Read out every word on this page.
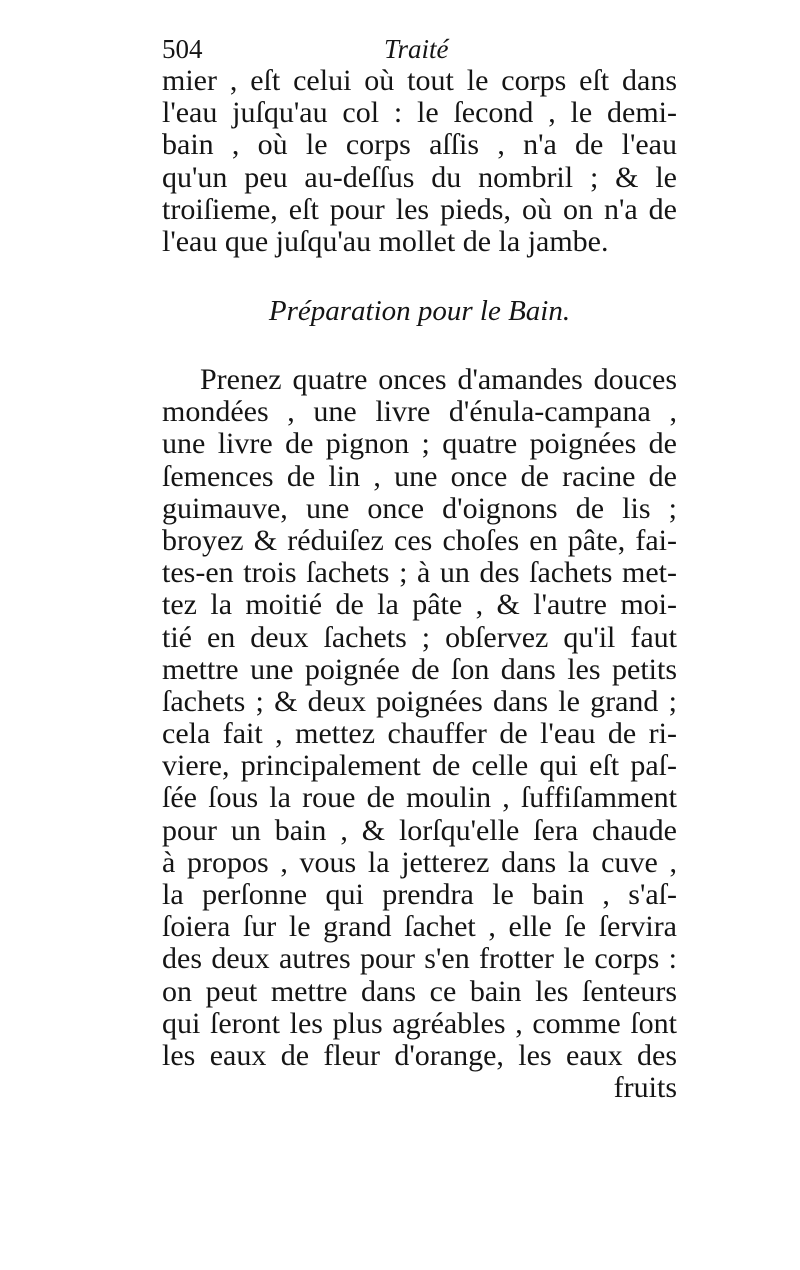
504	Traité
mier , eſt celui où tout le corps eſt dans
l'eau juſqu'au col : le ſecond , le demi-
bain , où le corps aſſis , n'a de l'eau
qu'un peu au-deſſus du nombril ; & le
troiſieme, eſt pour les pieds, où on n'a de
l'eau que juſqu'au mollet de la jambe.
Préparation pour le Bain.
Prenez quatre onces d'amandes douces
mondées , une livre d'énula-campana ,
une livre de pignon ; quatre poignées de
ſemences de lin , une once de racine de
guimauve, une once d'oignons de lis ;
broyez & réduiſez ces choſes en pâte, fai-
tes-en trois ſachets ; à un des ſachets met-
tez la moitié de la pâte , & l'autre moi-
tié en deux ſachets ; obſervez qu'il faut
mettre une poignée de ſon dans les petits
ſachets ; & deux poignées dans le grand ;
cela fait , mettez chauffer de l'eau de ri-
viere, principalement de celle qui eſt paſ-
ſée ſous la roue de moulin , ſuffiſamment
pour un bain , & lorſqu'elle ſera chaude
à propos , vous la jetterez dans la cuve ,
la perſonne qui prendra le bain , s'aſ-
ſoiera ſur le grand ſachet , elle ſe ſervira
des deux autres pour s'en frotter le corps :
on peut mettre dans ce bain les ſenteurs
qui ſeront les plus agréables , comme ſont
les eaux de fleur d'orange, les eaux des
fruits
